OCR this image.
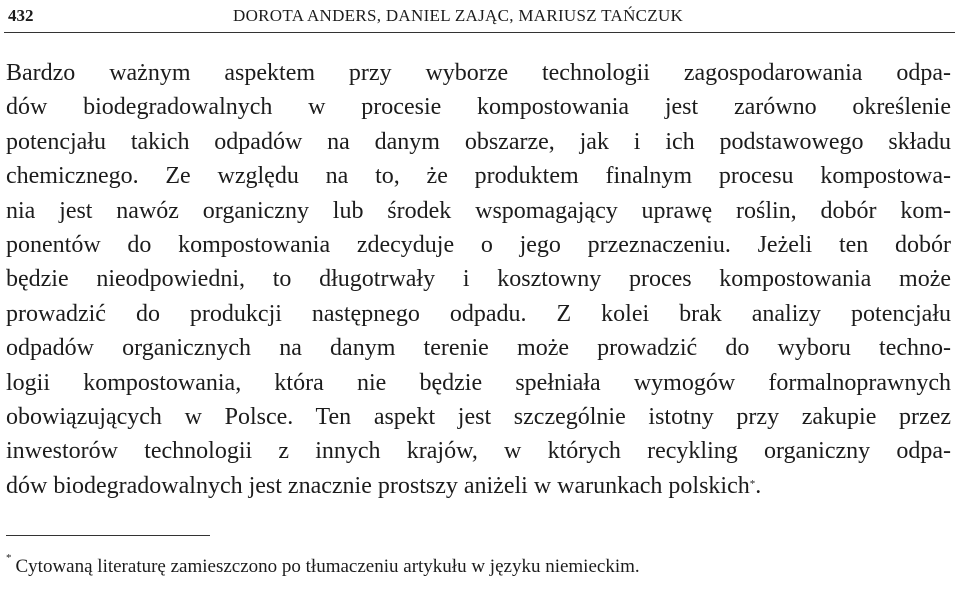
432	DOROTA ANDERS, DANIEL ZAJĄC, MARIUSZ TAŃCZUK
Bardzo ważnym aspektem przy wyborze technologii zagospodarowania odpa-
dów biodegradowalnych w procesie kompostowania jest zarówno określenie
potencjału takich odpadów na danym obszarze, jak i ich podstawowego składu
chemicznego. Ze względu na to, że produktem finalnym procesu kompostowa-
nia jest nawóz organiczny lub środek wspomagający uprawę roślin, dobór kom-
ponentów do kompostowania zdecyduje o jego przeznaczeniu. Jeżeli ten dobór
będzie nieodpowiedni, to długotrwały i kosztowny proces kompostowania może
prowadzić do produkcji następnego odpadu. Z kolei brak analizy potencjału
odpadów organicznych na danym terenie może prowadzić do wyboru techno-
logii kompostowania, która nie będzie spełniała wymogów formalnoprawnych
obowiązujących w Polsce. Ten aspekt jest szczególnie istotny przy zakupie przez
inwestorów technologii z innych krajów, w których recykling organiczny odpa-
dów biodegradowalnych jest znacznie prostszy aniżeli w warunkach polskich*.
* Cytowaną literaturę zamieszczono po tłumaczeniu artykułu w języku niemieckim.
